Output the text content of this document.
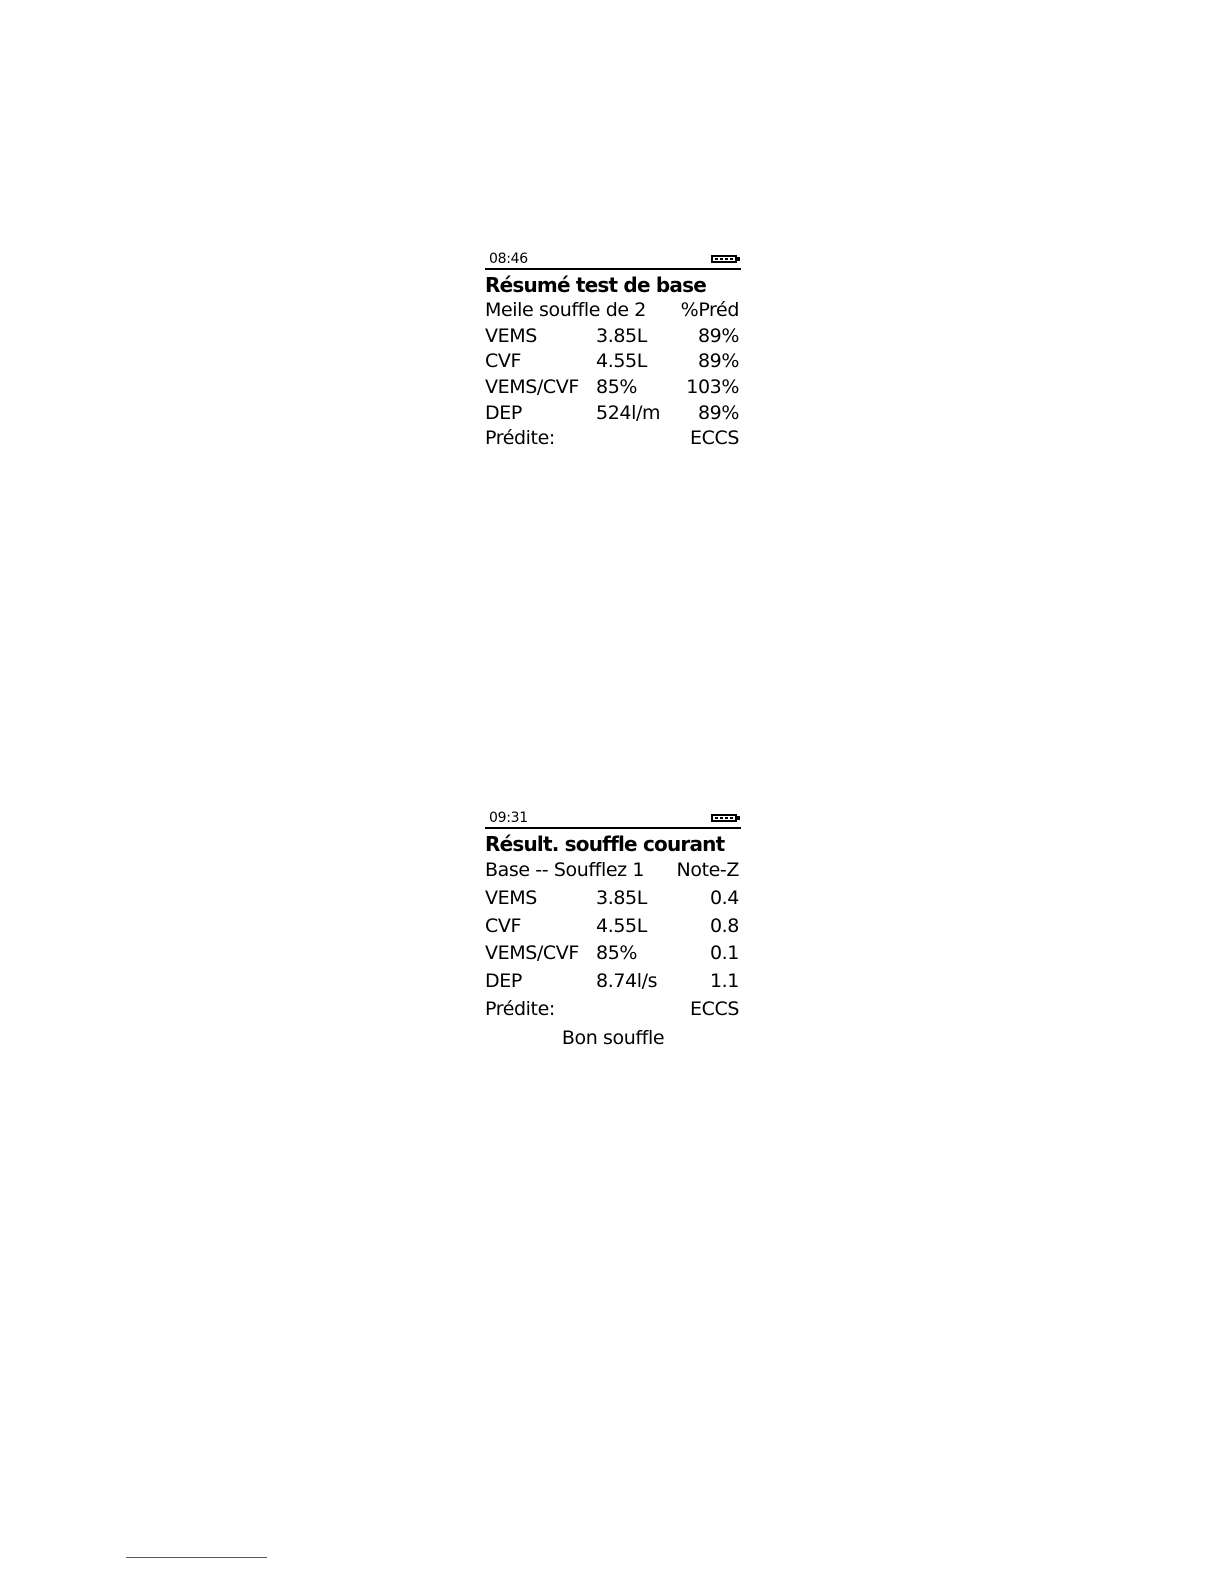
08:46
Résumé test de base
Meile souffle de 2 %Préd
VEMS	3.85L	89%
CVF	4.55L	89%
VEMS/CVF 85%	103%
DEP	524l/m 89%
Prédite:	ECCS
09:31
Résult. souffle courant
Base -- Soufflez 1 Note-Z
VEMS	3.85L	0.4
CVF	4.55L	0.8
VEMS/CVF 85%	0.1
DEP	8.74l/s	1.1
Prédite:	ECCS
Bon souffle
